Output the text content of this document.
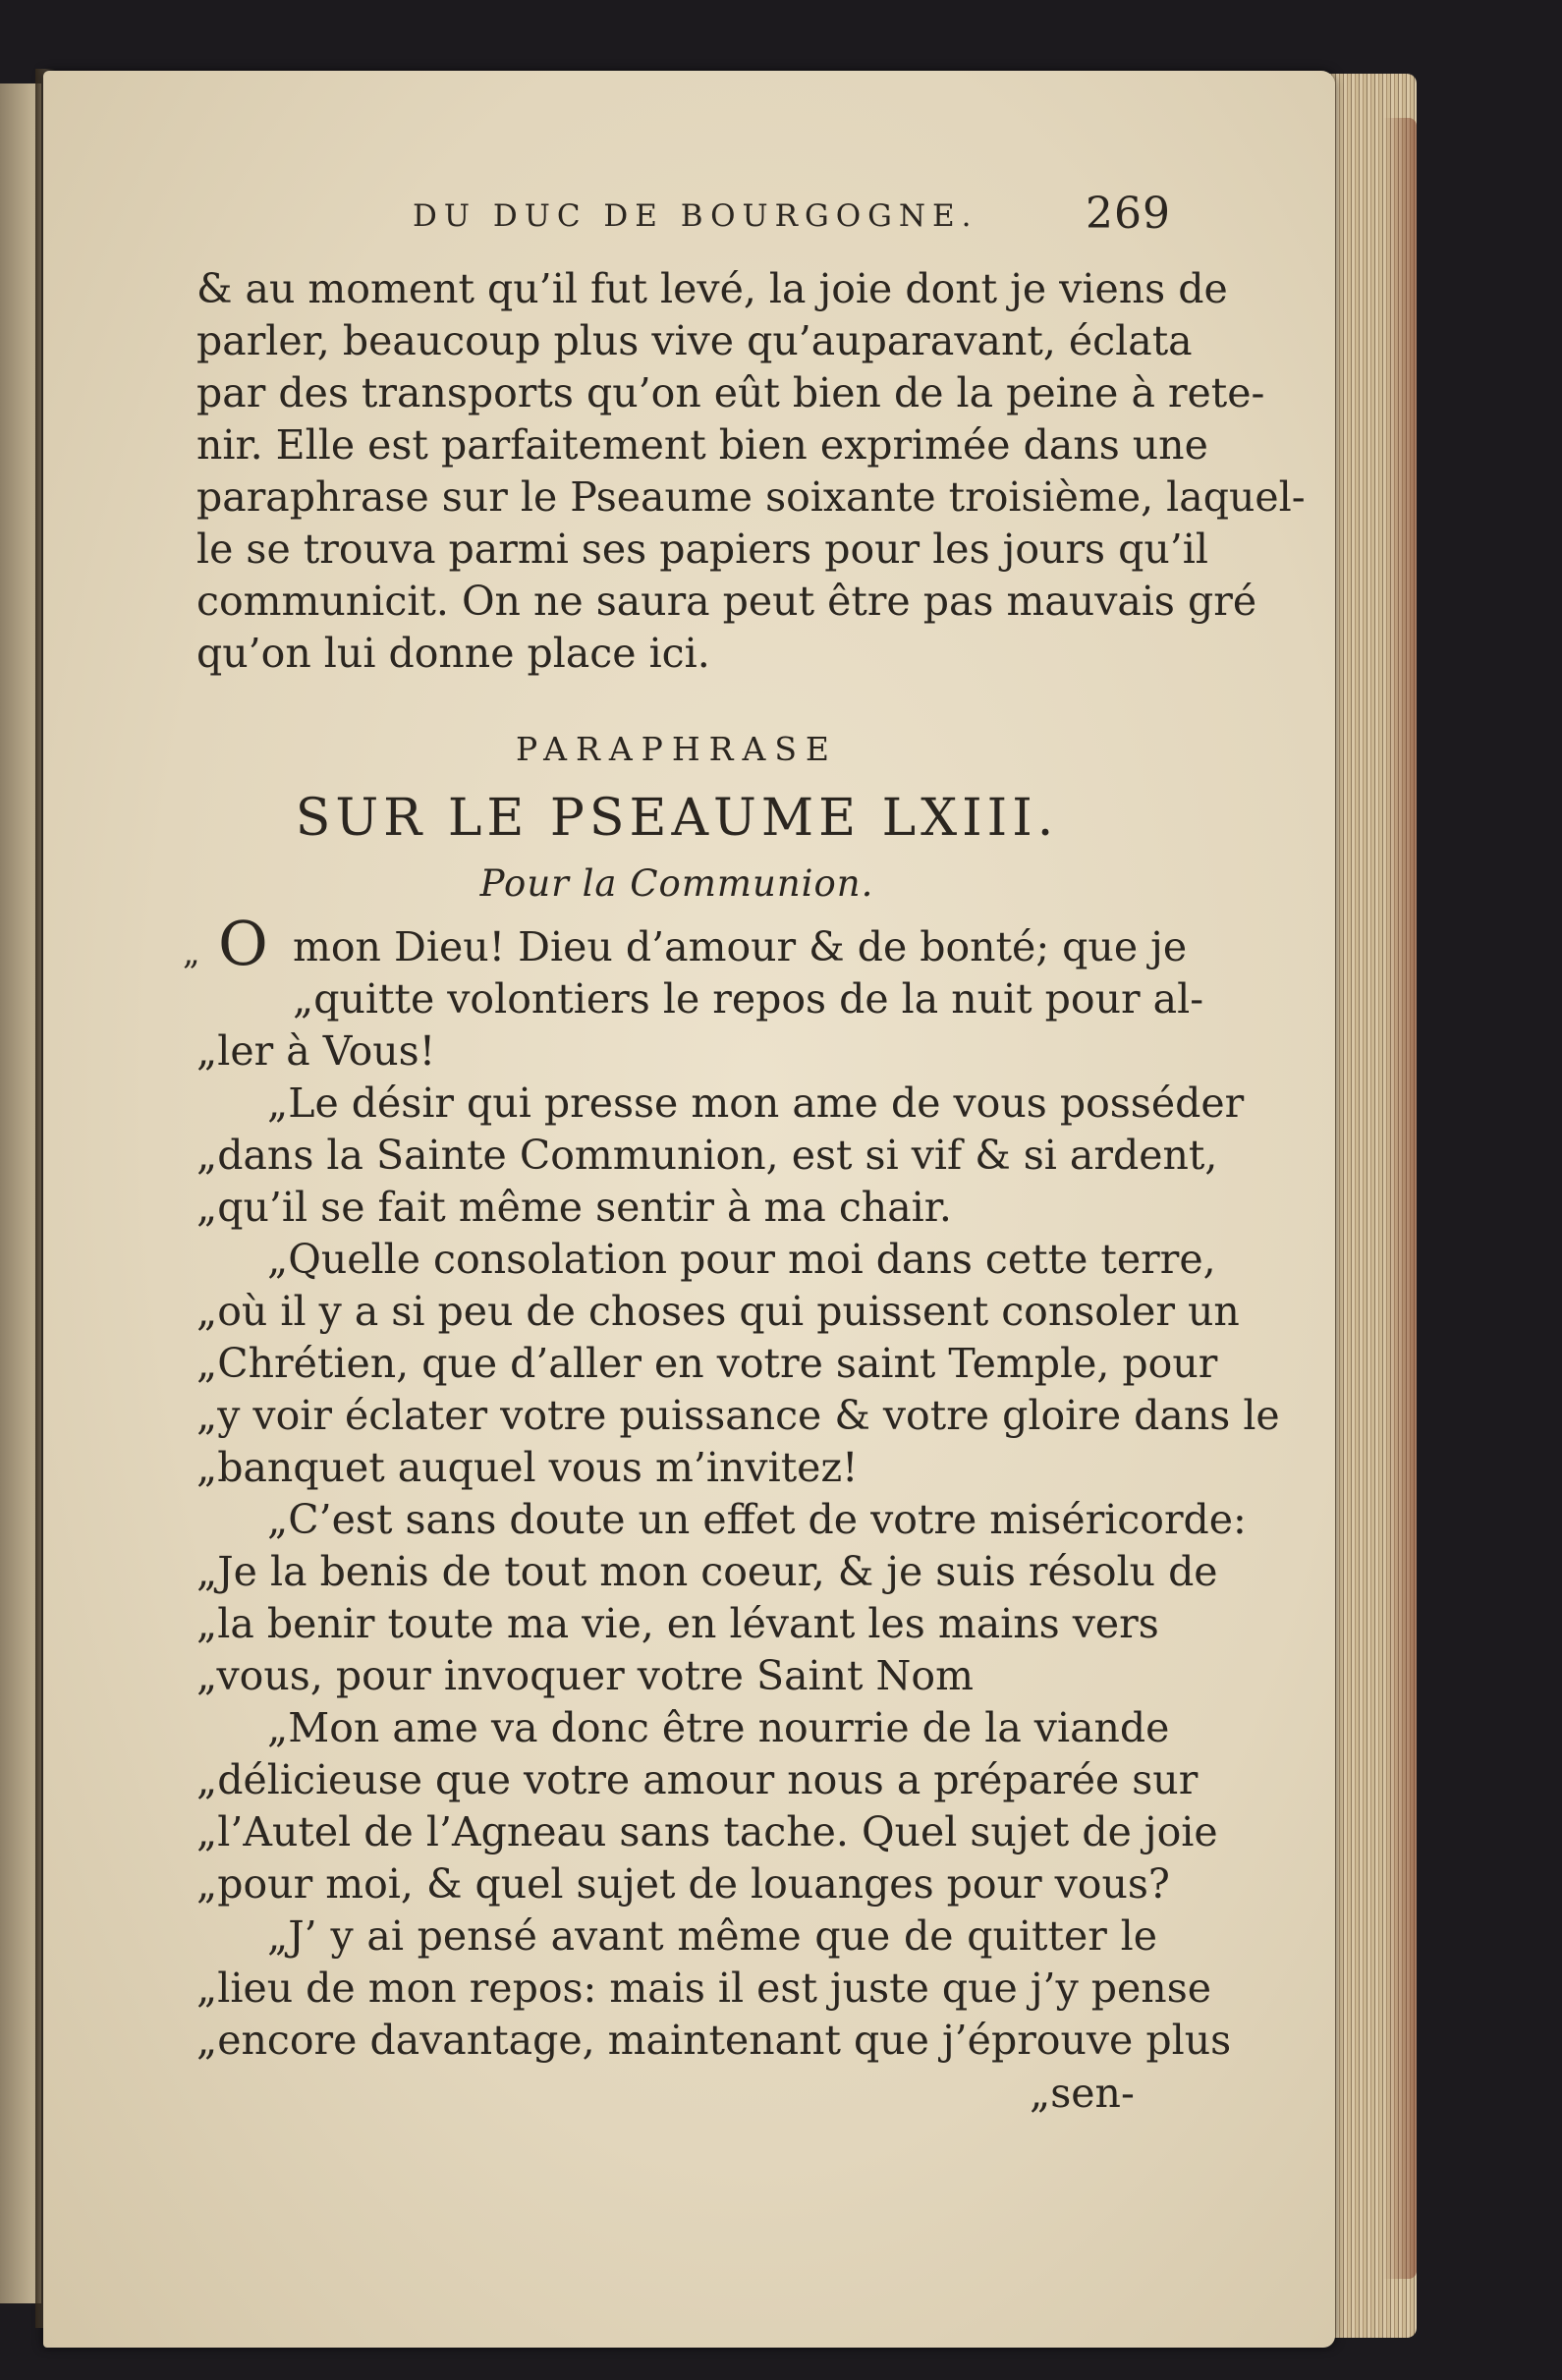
DU DUC DE BOURGOGNE. 269
& au moment qu’il fut levé, la joie dont je viens de
parler, beaucoup plus vive qu’auparavant, éclata
par des transports qu’on eût bien de la peine à rete-
nir. Elle est parfaitement bien exprimée dans une
paraphrase sur le Pseaume soixante troisième, laquel-
le se trouva parmi ses papiers pour les jours qu’il
communicit. On ne saura peut être pas mauvais gré
qu’on lui donne place ici.
PARAPHRASE
SUR LE PSEAUME LXIII.
Pour la Communion.
„ O mon Dieu! Dieu d’amour & de bonté; que je
„quitte volontiers le repos de la nuit pour al-
„ler à Vous!
„Le désir qui presse mon ame de vous posséder
„dans la Sainte Communion, est si vif & si ardent,
„qu’il se fait même sentir à ma chair.
„Quelle consolation pour moi dans cette terre,
„où il y a si peu de choses qui puissent consoler un
„Chrétien, que d’aller en votre saint Temple, pour
„y voir éclater votre puissance & votre gloire dans le
„banquet auquel vous m’invitez!
„C’est sans doute un effet de votre miséricorde:
„Je la benis de tout mon coeur, & je suis résolu de
„la benir toute ma vie, en lévant les mains vers
„vous, pour invoquer votre Saint Nom
„Mon ame va donc être nourrie de la viande
„délicieuse que votre amour nous a préparée sur
„l’Autel de l’Agneau sans tache. Quel sujet de joie
„pour moi, & quel sujet de louanges pour vous?
„J’ y ai pensé avant même que de quitter le
„lieu de mon repos: mais il est juste que j’y pense
„encore davantage, maintenant que j’éprouve plus
„sen-
